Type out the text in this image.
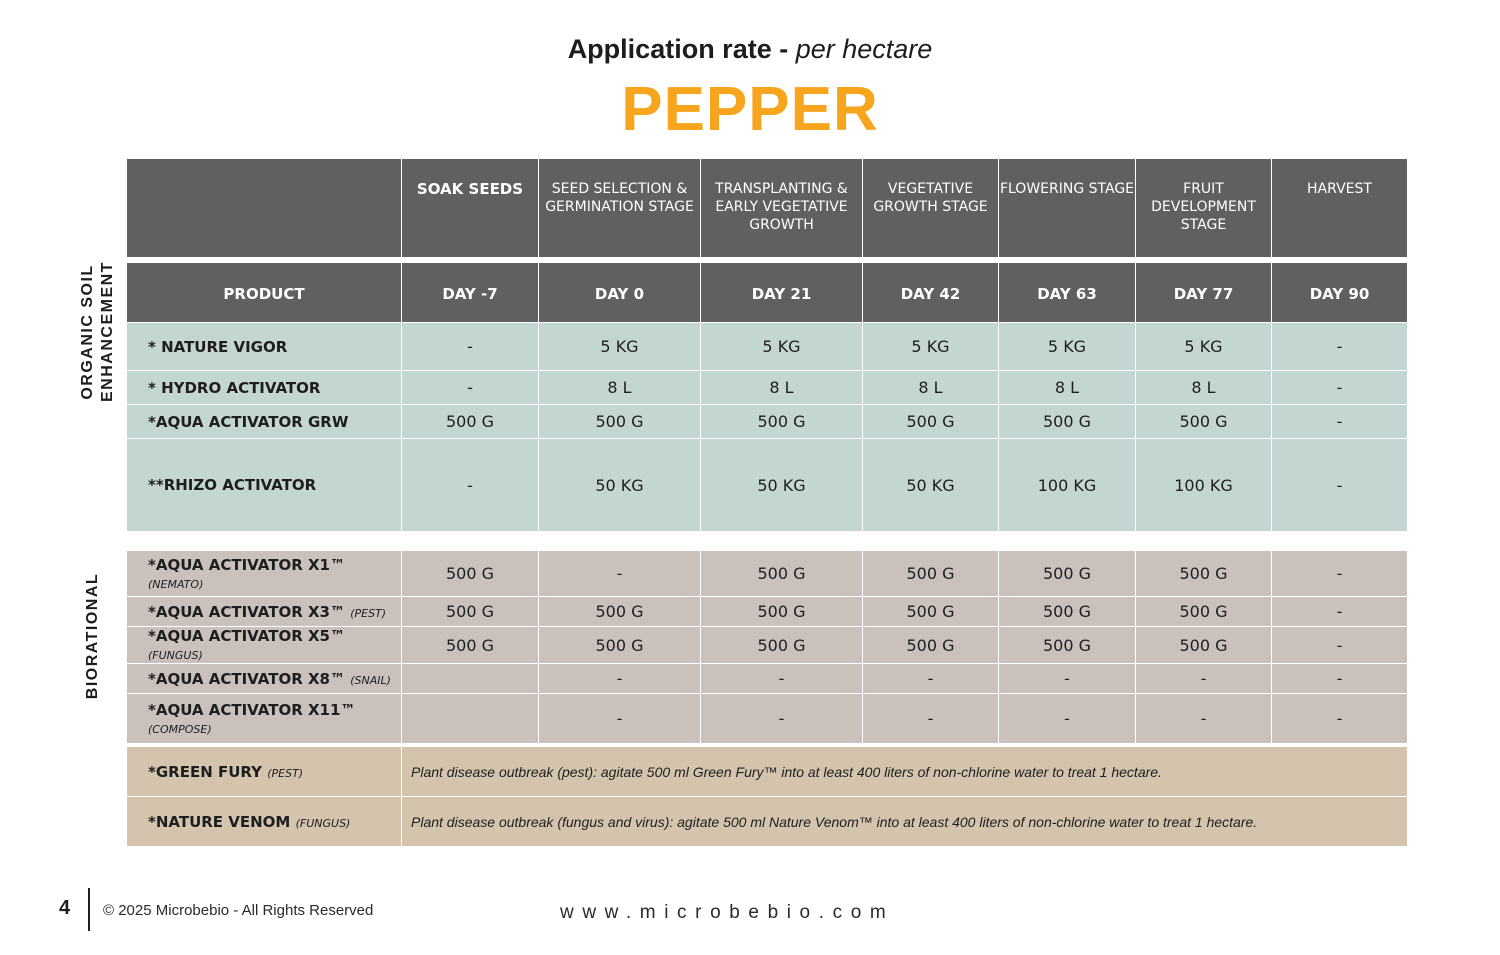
Application rate - per hectare
PEPPER
	SOAK SEEDS	SEED SELECTION & GERMINATION STAGE	TRANSPLANTING & EARLY VEGETATIVE GROWTH	VEGETATIVE GROWTH STAGE	FLOWERING STAGE	FRUIT DEVELOPMENT STAGE	HARVEST

PRODUCT	DAY -7	DAY 0	DAY 21	DAY 42	DAY 63	DAY 77	DAY 90
* NATURE VIGOR	-	5 KG	5 KG	5 KG	5 KG	5 KG	-
* HYDRO ACTIVATOR	-	8 L	8 L	8 L	8 L	8 L	-
*AQUA ACTIVATOR GRW	500 G	500 G	500 G	500 G	500 G	500 G	-
**RHIZO ACTIVATOR	-	50 KG	50 KG	50 KG	100 KG	100 KG	-
*AQUA ACTIVATOR X1™ (NEMATO)	500 G	-	500 G	500 G	500 G	500 G	-
*AQUA ACTIVATOR X3™ (PEST)	500 G	500 G	500 G	500 G	500 G	500 G	-
*AQUA ACTIVATOR X5™ (FUNGUS)	500 G	500 G	500 G	500 G	500 G	500 G	-
*AQUA ACTIVATOR X8™ (SNAIL)		-	-	-	-	-	-
*AQUA ACTIVATOR X11™
(COMPOSE)		-	-	-	-	-	-
*GREEN FURY (PEST)	Plant disease outbreak (pest): agitate 500 ml Green Fury™ into at least 400 liters of non-chlorine water to treat 1 hectare.
*NATURE VENOM (FUNGUS)	Plant disease outbreak (fungus and virus): agitate 500 ml Nature Venom™ into at least 400 liters of non-chlorine water to treat 1 hectare.
ORGANIC SOIL ENHANCEMENT
BIORATIONAL
4 © 2025 Microbebio - All Rights Reserved	www.microbebio.com
